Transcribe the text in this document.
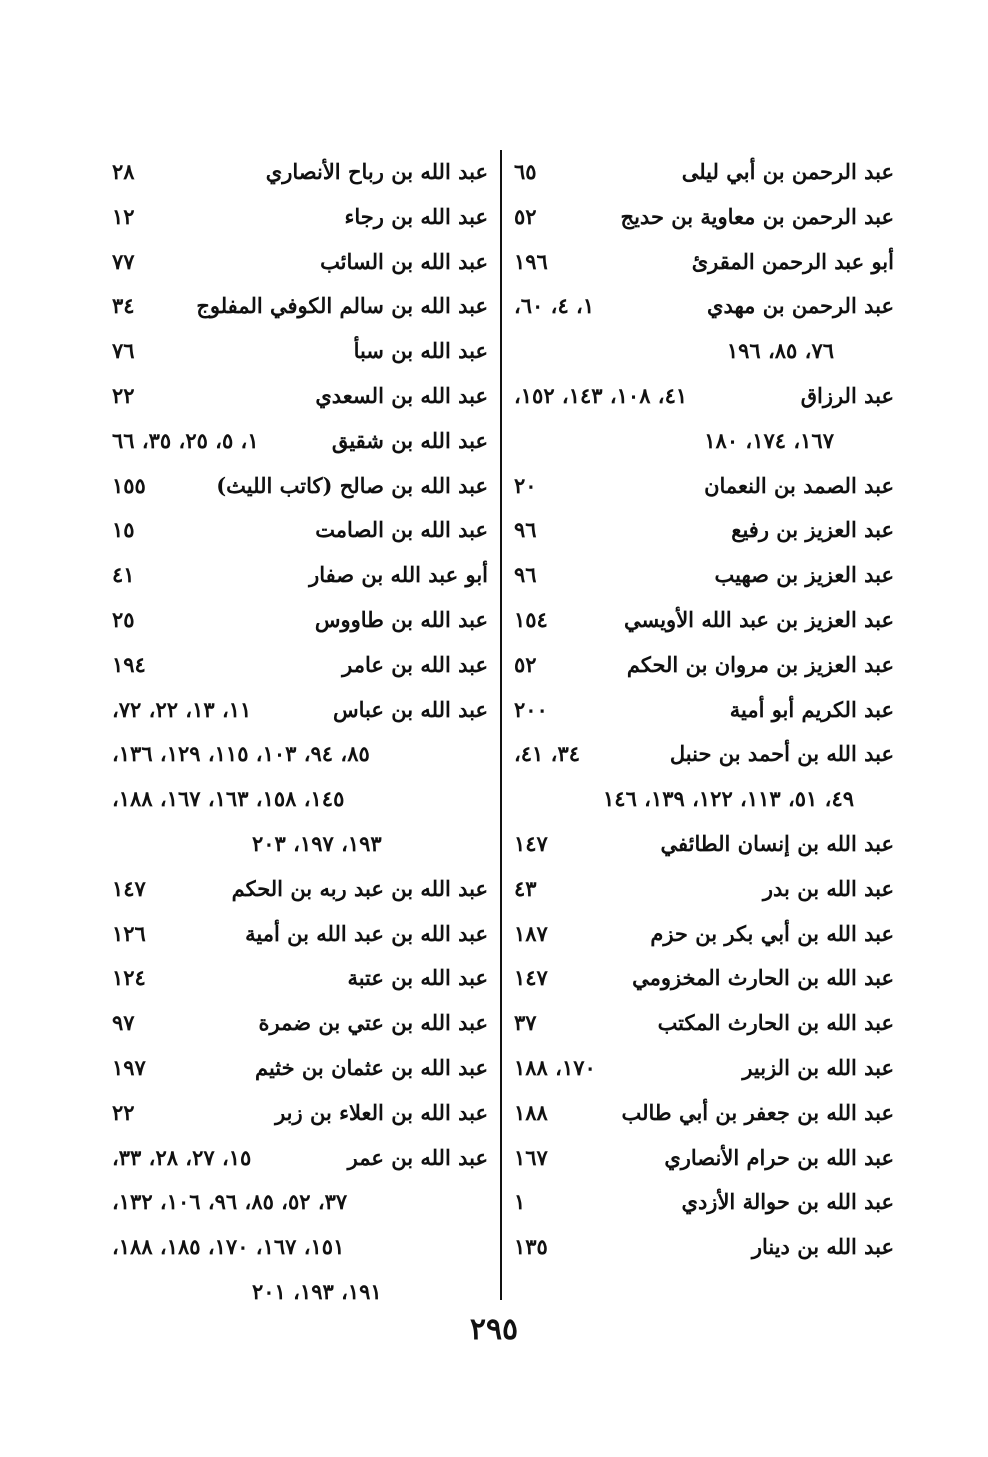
عبد الرحمن بن أبي ليلى
٦٥
عبد الرحمن بن معاوية بن حديج
٥٢
أبو عبد الرحمن المقرئ
١٩٦
عبد الرحمن بن مهدي
١، ٤، ٦٠،
٧٦، ٨٥، ١٩٦
عبد الرزاق
٤١، ١٠٨، ١٤٣، ١٥٢،
١٦٧، ١٧٤، ١٨٠
عبد الصمد بن النعمان
٢٠
عبد العزيز بن رفيع
٩٦
عبد العزيز بن صهيب
٩٦
عبد العزيز بن عبد الله الأويسي
١٥٤
عبد العزيز بن مروان بن الحكم
٥٢
عبد الكريم أبو أمية
٢٠٠
عبد الله بن أحمد بن حنبل
٣٤، ٤١،
٤٩، ٥١، ١١٣، ١٢٢، ١٣٩، ١٤٦
عبد الله بن إنسان الطائفي
١٤٧
عبد الله بن بدر
٤٣
عبد الله بن أبي بكر بن حزم
١٨٧
عبد الله بن الحارث المخزومي
١٤٧
عبد الله بن الحارث المكتب
٣٧
عبد الله بن الزبير
١٧٠، ١٨٨
عبد الله بن جعفر بن أبي طالب
١٨٨
عبد الله بن حرام الأنصاري
١٦٧
عبد الله بن حوالة الأزدي
١
عبد الله بن دينار
١٣٥
عبد الله بن رباح الأنصاري
٢٨
عبد الله بن رجاء
١٢
عبد الله بن السائب
٧٧
عبد الله بن سالم الكوفي المفلوج
٣٤
عبد الله بن سبأ
٧٦
عبد الله بن السعدي
٢٢
عبد الله بن شقيق
١، ٥، ٢٥، ٣٥، ٦٦
عبد الله بن صالح (كاتب الليث)
١٥٥
عبد الله بن الصامت
١٥
أبو عبد الله بن صفار
٤١
عبد الله بن طاووس
٢٥
عبد الله بن عامر
١٩٤
عبد الله بن عباس
١١، ١٣، ٢٢، ٧٢،
٨٥، ٩٤، ١٠٣، ١١٥، ١٢٩، ١٣٦،
١٤٥، ١٥٨، ١٦٣، ١٦٧، ١٨٨،
١٩٣، ١٩٧، ٢٠٣
عبد الله بن عبد ربه بن الحكم
١٤٧
عبد الله بن عبد الله بن أمية
١٢٦
عبد الله بن عتبة
١٢٤
عبد الله بن عتي بن ضمرة
٩٧
عبد الله بن عثمان بن خثيم
١٩٧
عبد الله بن العلاء بن زبر
٢٢
عبد الله بن عمر
١٥، ٢٧، ٢٨، ٣٣،
٣٧، ٥٢، ٨٥، ٩٦، ١٠٦، ١٣٢،
١٥١، ١٦٧، ١٧٠، ١٨٥، ١٨٨،
١٩١، ١٩٣، ٢٠١
٢٩٥
